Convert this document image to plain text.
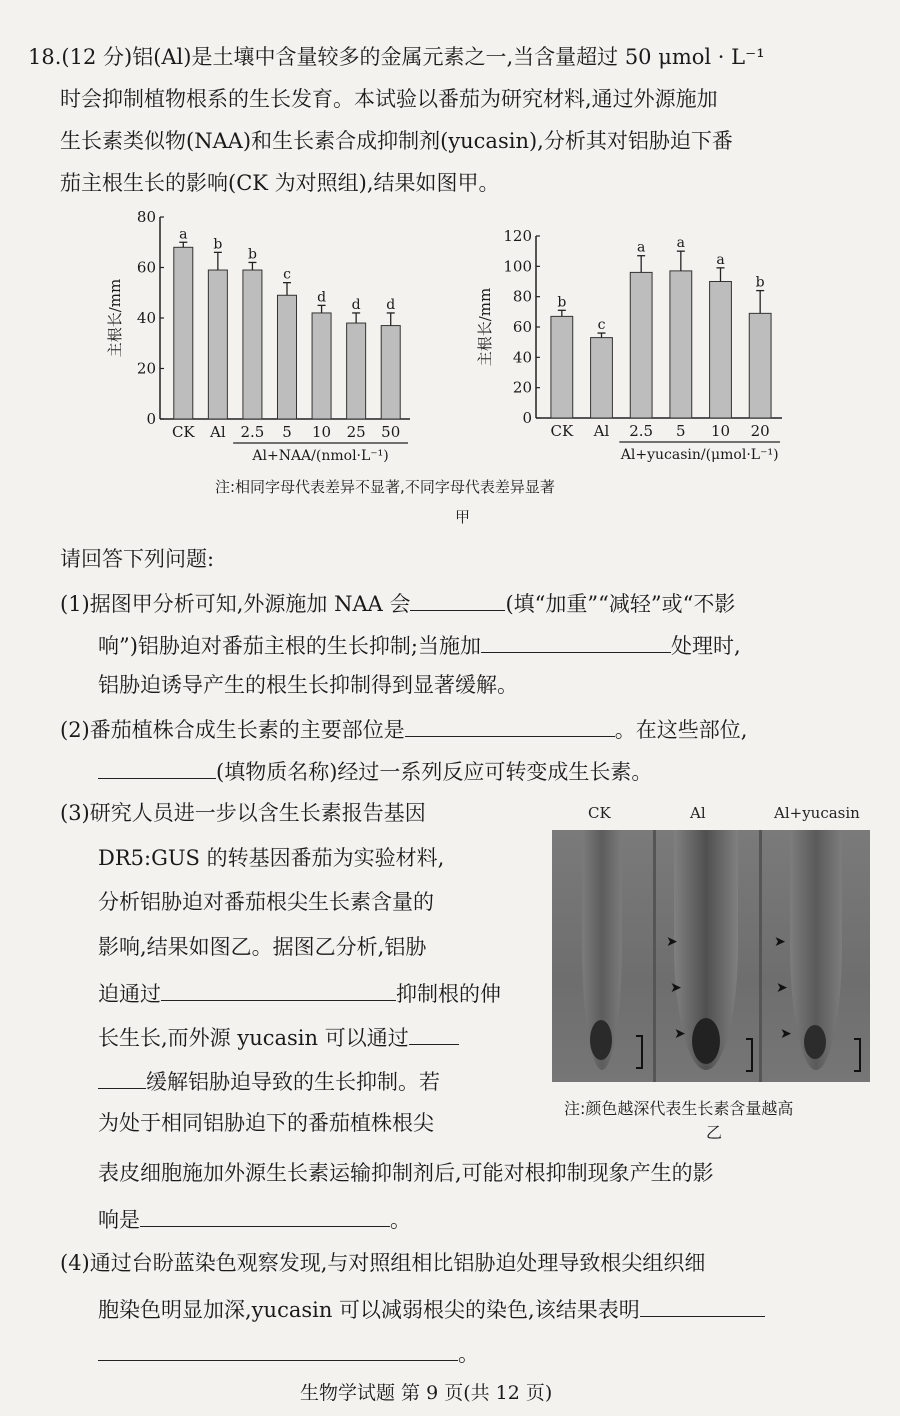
18.(12 分)铝(Al)是土壤中含量较多的金属元素之一,当含量超过 50 μmol · L⁻¹
时会抑制植物根系的生长发育。本试验以番茄为研究材料,通过外源施加
生长素类似物(NAA)和生长素合成抑制剂(yucasin),分析其对铝胁迫下番
茄主根生长的影响(CK 为对照组),结果如图甲。
0
20
40
60
80
主根长/mm
a
CK
b
Al
b
2.5
c
5
d
10
d
25
d
50
Al+NAA/(nmol·L⁻¹)
0
20
40
60
80
100
120
主根长/mm	b
CK
c
Al
a
2.5
a
5
a
10
b
20
Al+yucasin/(μmol·L⁻¹)
注:相同字母代表差异不显著,不同字母代表差异显著
甲
请回答下列问题:
(1)据图甲分析可知,外源施加 NAA 会	(填“加重”“减轻”或“不影
响”)铝胁迫对番茄主根的生长抑制;当施加	处理时,
铝胁迫诱导产生的根生长抑制得到显著缓解。
(2)番茄植株合成生长素的主要部位是	。在这些部位,
(填物质名称)经过一系列反应可转变成生长素。
(3)研究人员进一步以含生长素报告基因
DR5:GUS 的转基因番茄为实验材料,
分析铝胁迫对番茄根尖生长素含量的
影响,结果如图乙。据图乙分析,铝胁
迫通过	抑制根的伸
长生长,而外源 yucasin 可以通过
缓解铝胁迫导致的生长抑制。若
为处于相同铝胁迫下的番茄植株根尖
表皮细胞施加外源生长素运输抑制剂后,可能对根抑制现象产生的影
响是	。
CK	Al	Al+yucasin
➤
➤
➤
➤
➤
➤
注:颜色越深代表生长素含量越高
乙
(4)通过台盼蓝染色观察发现,与对照组相比铝胁迫处理导致根尖组织细
胞染色明显加深,yucasin 可以减弱根尖的染色,该结果表明
。
生物学试题 第 9 页(共 12 页)
